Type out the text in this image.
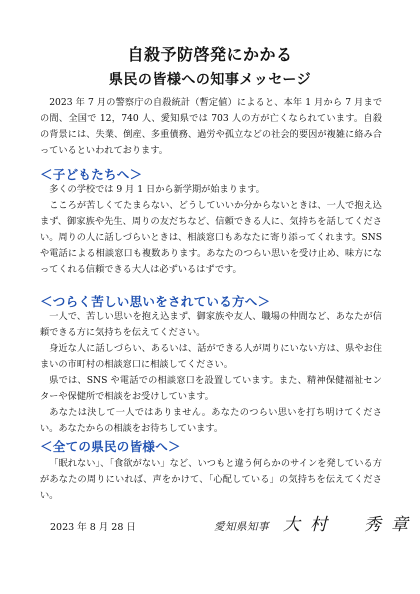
自殺予防啓発にかかる
県民の皆様への知事メッセージ

2023 年 7 月の警察庁の自殺統計（暫定値）によると、本年 1 月から 7 月までの間、全国で 12，740 人、愛知県では 703 人の方が亡くなられています。自殺の背景には、失業、倒産、多重債務、過労や孤立などの社会的要因が複雑に絡み合っているといわれております。

＜子どもたちへ＞

多くの学校では 9 月 1 日から新学期が始まります。

こころが苦しくてたまらない、どうしていいか分からないときは、一人で抱え込まず、御家族や先生、周りの友だちなど、信頼できる人に、気持ちを話してください。周りの人に話しづらいときは、相談窓口もあなたに寄り添ってくれます。SNS や電話による相談窓口も複数あります。あなたのつらい思いを受け止め、味方になってくれる信頼できる大人は必ずいるはずです。

＜つらく苦しい思いをされている方へ＞

一人で、苦しい思いを抱え込まず、御家族や友人、職場の仲間など、あなたが信頼できる方に気持ちを伝えてください。

身近な人に話しづらい、あるいは、話ができる人が周りにいない方は、県やお住まいの市町村の相談窓口に相談してください。

県では、SNS や電話での相談窓口を設置しています。また、精神保健福祉センターや保健所で相談をお受けしています。

あなたは決して一人ではありません。あなたのつらい思いを打ち明けてください。あなたからの相談をお待ちしています。

＜全ての県民の皆様へ＞

「眠れない」、「食欲がない」など、いつもと違う何らかのサインを発している方があなたの周りにいれば、声をかけて、「心配している」の気持ちを伝えてください。

2023 年 8 月 28 日	愛知県知事 大村　秀章
